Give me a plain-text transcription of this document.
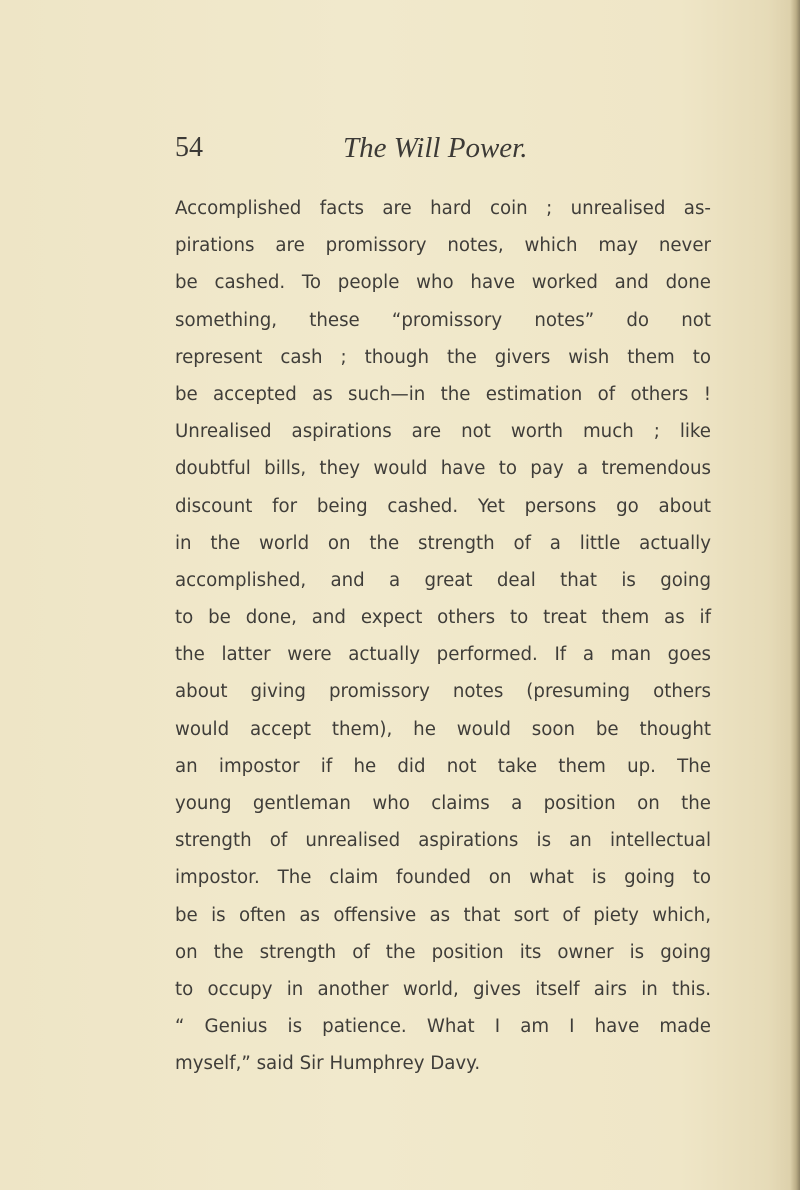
54	The Will Power.
Accomplished facts are hard coin ; unrealised as-
pirations are promissory notes, which may never
be cashed. To people who have worked and done
something, these “promissory notes” do not
represent cash ; though the givers wish them to
be accepted as such—in the estimation of others !
Unrealised aspirations are not worth much ; like
doubtful bills, they would have to pay a tremendous
discount for being cashed. Yet persons go about
in the world on the strength of a little actually
accomplished, and a great deal that is going
to be done, and expect others to treat them as if
the latter were actually performed. If a man goes
about giving promissory notes (presuming others
would accept them), he would soon be thought
an impostor if he did not take them up. The
young gentleman who claims a position on the
strength of unrealised aspirations is an intellectual
impostor. The claim founded on what is going to
be is often as offensive as that sort of piety which,
on the strength of the position its owner is going
to occupy in another world, gives itself airs in this.
“ Genius is patience. What I am I have made
myself,” said Sir Humphrey Davy.
